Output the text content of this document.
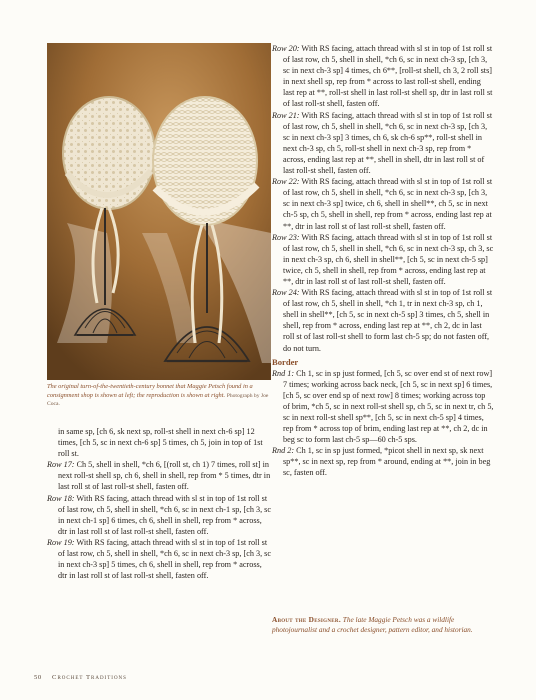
The original turn-of-the-twentieth-century bonnet that Maggie Petsch found in a consignment shop is shown at left; the reproduction is shown at right. Photograph by Joe Coca.

Row 20: With RS facing, attach thread with sl st in top of 1st roll st of last row, ch 5, shell in shell, *ch 6, sc in next ch-3 sp, [ch 3, sc in next ch-3 sp] 4 times, ch 6**, [roll-st shell, ch 3, 2 roll sts] in next shell sp, rep from * across to last roll-st shell, ending last rep at **, roll-st shell in last roll-st shell sp, dtr in last roll st of last roll-st shell, fasten off.

Row 21: With RS facing, attach thread with sl st in top of 1st roll st of last row, ch 5, shell in shell, *ch 6, sc in next ch-3 sp, [ch 3, sc in next ch-3 sp] 3 times, ch 6, sk ch-6 sp**, roll-st shell in next ch-3 sp, ch 5, roll-st shell in next ch-3 sp, rep from * across, ending last rep at **, shell in shell, dtr in last roll st of last roll-st shell, fasten off.

Row 22: With RS facing, attach thread with sl st in top of 1st roll st of last row, ch 5, shell in shell, *ch 6, sc in next ch-3 sp, [ch 3, sc in next ch-3 sp] twice, ch 6, shell in shell**, ch 5, sc in next ch-5 sp, ch 5, shell in shell, rep from * across, ending last rep at **, dtr in last roll st of last roll-st shell, fasten off.

Row 23: With RS facing, attach thread with sl st in top of 1st roll st of last row, ch 5, shell in shell, *ch 6, sc in next ch-3 sp, ch 3, sc in next ch-3 sp, ch 6, shell in shell**, [ch 5, sc in next ch-5 sp] twice, ch 5, shell in shell, rep from * across, ending last rep at **, dtr in last roll st of last roll-st shell, fasten off.

Row 24: With RS facing, attach thread with sl st in top of 1st roll st of last row, ch 5, shell in shell, *ch 1, tr in next ch-3 sp, ch 1, shell in shell**, [ch 5, sc in next ch-5 sp] 3 times, ch 5, shell in shell, rep from * across, ending last rep at **, ch 2, dc in last roll st of last roll-st shell to form last ch-5 sp; do not fasten off, do not turn.

Border

Rnd 1: Ch 1, sc in sp just formed, [ch 5, sc over end st of next row] 7 times; working across back neck, [ch 5, sc in next sp] 6 times, [ch 5, sc over end sp of next row] 8 times; working across top of brim, *ch 5, sc in next roll-st shell sp, ch 5, sc in next tr, ch 5, sc in next roll-st shell sp**, [ch 5, sc in next ch-5 sp] 4 times, rep from * across top of brim, ending last rep at **, ch 2, dc in beg sc to form last ch-5 sp—60 ch-5 sps.

Rnd 2: Ch 1, sc in sp just formed, *picot shell in next sp, sk next sp**, sc in next sp, rep from * around, ending at **, join in beg sc, fasten off.

About the Designer. The late Maggie Petsch was a wildlife photojournalist and a crochet designer, pattern editor, and historian.

in same sp, [ch 6, sk next sp, roll-st shell in next ch-6 sp] 12 times, [ch 5, sc in next ch-6 sp] 5 times, ch 5, join in top of 1st roll st.

Row 17: Ch 5, shell in shell, *ch 6, [(roll st, ch 1) 7 times, roll st] in next roll-st shell sp, ch 6, shell in shell, rep from * 5 times, dtr in last roll st of last roll-st shell, fasten off.

Row 18: With RS facing, attach thread with sl st in top of 1st roll st of last row, ch 5, shell in shell, *ch 6, sc in next ch-1 sp, [ch 3, sc in next ch-1 sp] 6 times, ch 6, shell in shell, rep from * across, dtr in last roll st of last roll-st shell, fasten off.

Row 19: With RS facing, attach thread with sl st in top of 1st roll st of last row, ch 5, shell in shell, *ch 6, sc in next ch-3 sp, [ch 3, sc in next ch-3 sp] 5 times, ch 6, shell in shell, rep from * across, dtr in last roll st of last roll-st shell, fasten off.

50 Crochet Traditions
